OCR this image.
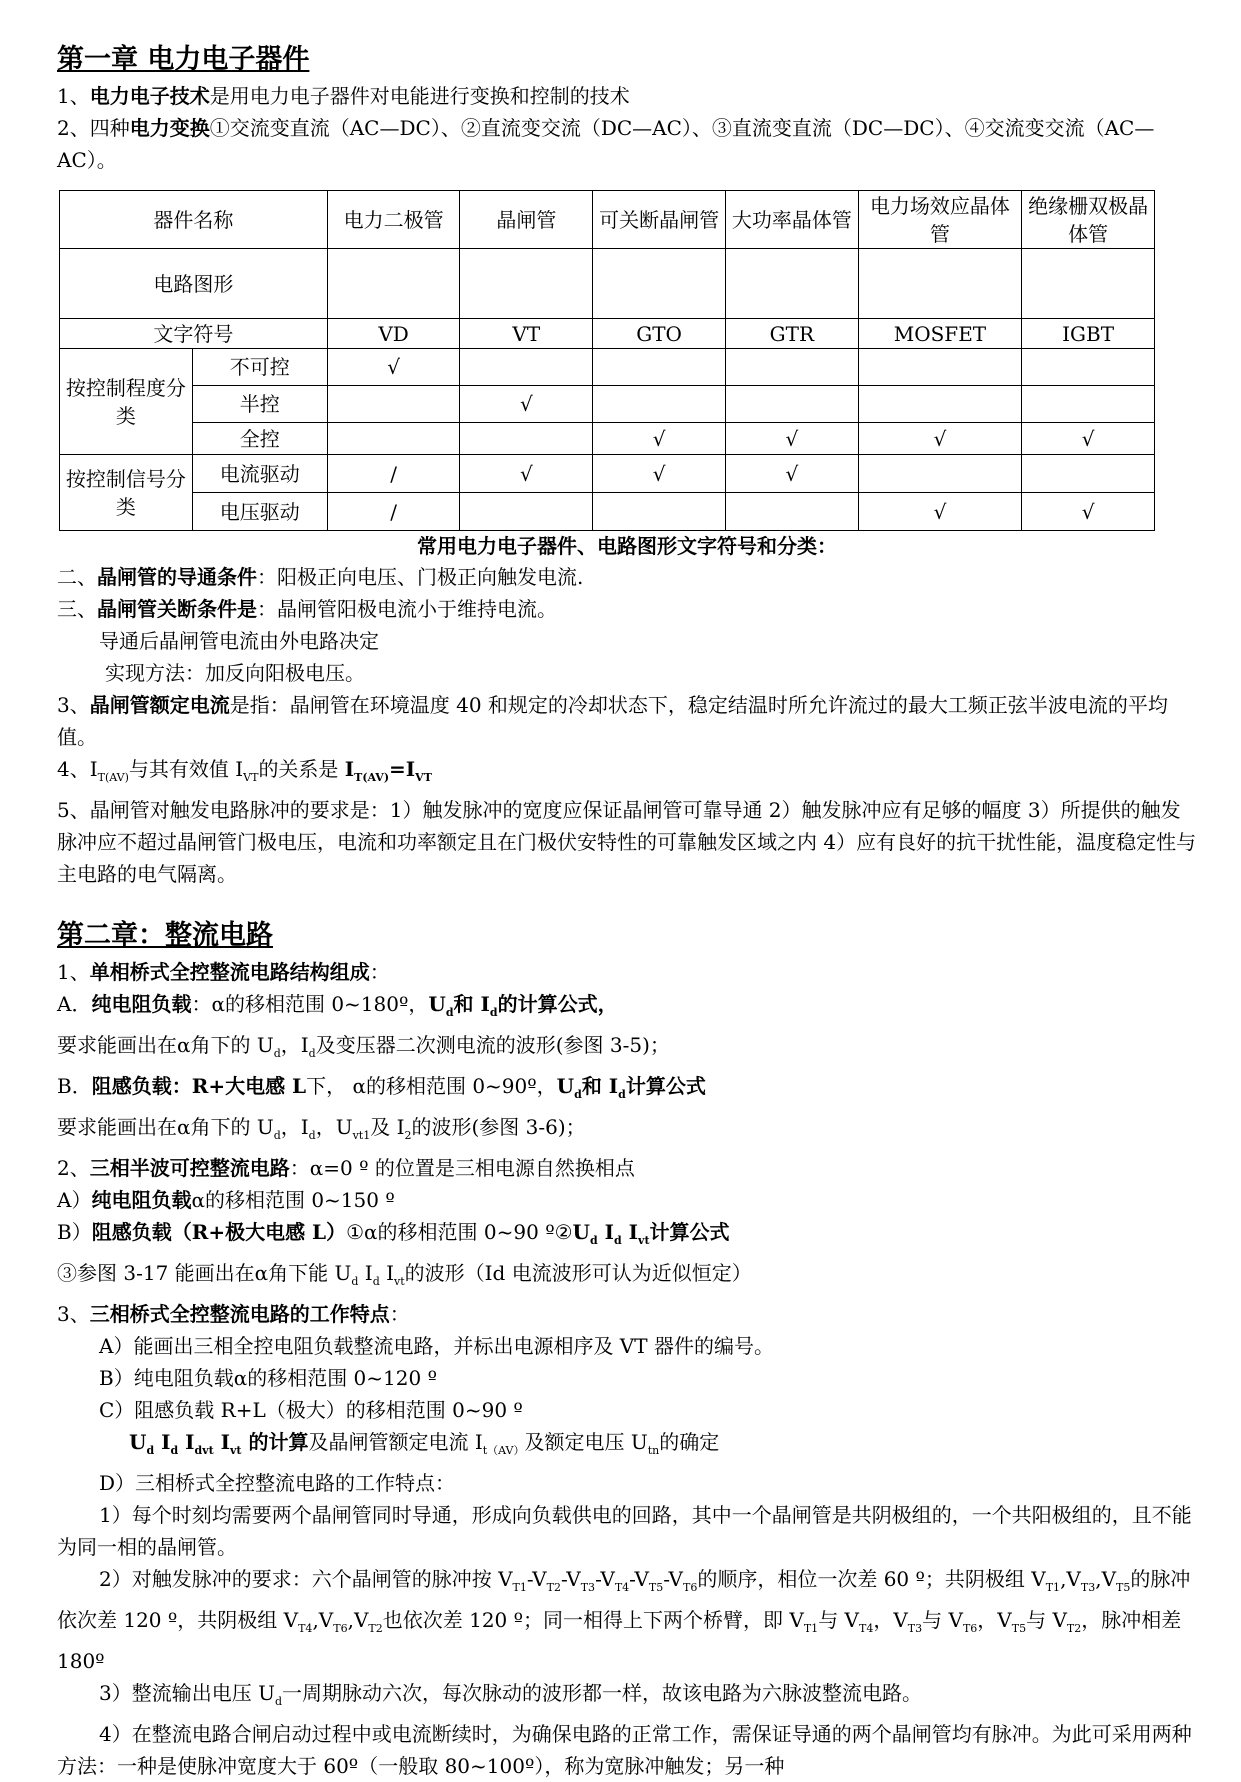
第一章 电力电子器件

1、电力电子技术是用电力电子器件对电能进行变换和控制的技术

2、四种电力变换①交流变直流（AC—DC）、②直流变交流（DC—AC）、③直流变直流（DC—DC）、④交流变交流（AC—AC）。

器件名称		电力二极管	晶闸管	可关断晶闸管	大功率晶体管	电力场效应晶体管	绝缘栅双极晶体管
电路图形							
文字符号		VD	VT	GTO	GTR	MOSFET	IGBT
按控制程度分类	不可控	√					
	半控		√				
	全控			√	√	√	√
按控制信号分类	电流驱动	/	√	√	√		
	电压驱动	/				√	√
常用电力电子器件、电路图形文字符号和分类：

二、晶闸管的导通条件：阳极正向电压、门极正向触发电流.

三、晶闸管关断条件是：晶闸管阳极电流小于维持电流。

导通后晶闸管电流由外电路决定

实现方法：加反向阳极电压。

3、晶闸管额定电流是指：晶闸管在环境温度 40 和规定的冷却状态下，稳定结温时所允许流过的最大工频正弦半波电流的平均值。

4、$I_{T(AV)}$与其有效值 $I_{VT}$的关系是 $I_{T(AV)}=I_{VT}$

5、晶闸管对触发电路脉冲的要求是：1）触发脉冲的宽度应保证晶闸管可靠导通 2）触发脉冲应有足够的幅度 3）所提供的触发脉冲应不超过晶闸管门极电压，电流和功率额定且在门极伏安特性的可靠触发区域之内 4）应有良好的抗干扰性能，温度稳定性与主电路的电气隔离。

第二章：整流电路

1、单相桥式全控整流电路结构组成：

A．纯电阻负载：α的移相范围 0~180º，$U_d$和 $I_d$的计算公式，

要求能画出在α角下的 $U_d$，$I_d$及变压器二次测电流的波形(参图 3-5)；

B．阻感负载：R+大电感 L下， α的移相范围 0~90º，$U_d$和 $I_d$计算公式

要求能画出在α角下的 $U_d$，$I_d$，$U_{vt1}$及 $I_2$的波形(参图 3-6)；

2、三相半波可控整流电路：α=0 º 的位置是三相电源自然换相点

A）纯电阻负载α的移相范围 0~150 º

B）阻感负载（R+极大电感 L）①α的移相范围 0~90 $º②U_d$ $I_d$ $I_{vt}$计算公式

③参图 3-17 能画出在α角下能 $U_d$ $I_d$ $I_{vt}$的波形（Id 电流波形可认为近似恒定）

3、三相桥式全控整流电路的工作特点：

A）能画出三相全控电阻负载整流电路，并标出电源相序及 VT 器件的编号。

B）纯电阻负载α的移相范围 0~120 º

C）阻感负载 R+L（极大）的移相范围 0~90 º

$U_d$ $I_d$ $I_{dvt}$ $I_{vt}$ 的计算及晶闸管额定电流 $I_{t(AV)}$及额定电压 $U_{tn}$的确定

D）三相桥式全控整流电路的工作特点：

1）每个时刻均需要两个晶闸管同时导通，形成向负载供电的回路，其中一个晶闸管是共阴极组的，一个共阳极组的，且不能为同一相的晶闸管。

2）对触发脉冲的要求：六个晶闸管的脉冲按 $V_{T1}-V_{T2}-V_{T3}-V_{T4}-V_{T5}-V_{T6}$的顺序，相位一次差 60 º；共阴极组 $V_{T1},V_{T3},V_{T5}$的脉冲依次差 120 º，共阴极组 $V_{T4},V_{T6},V_{T2}$也依次差 120 º；同一相得上下两个桥臂，即 $V_{T1}$与 $V_{T4}$，$V_{T3}$与 $V_{T6}$，$V_{T5}$与 $V_{T2}$，脉冲相差 180º

3）整流输出电压 $U_d$一周期脉动六次，每次脉动的波形都一样，故该电路为六脉波整流电路。

4）在整流电路合闸启动过程中或电流断续时，为确保电路的正常工作，需保证导通的两个晶闸管均有脉冲。为此可采用两种方法：一种是使脉冲宽度大于 60º（一般取 80~100º），称为宽脉冲触发；另一种
